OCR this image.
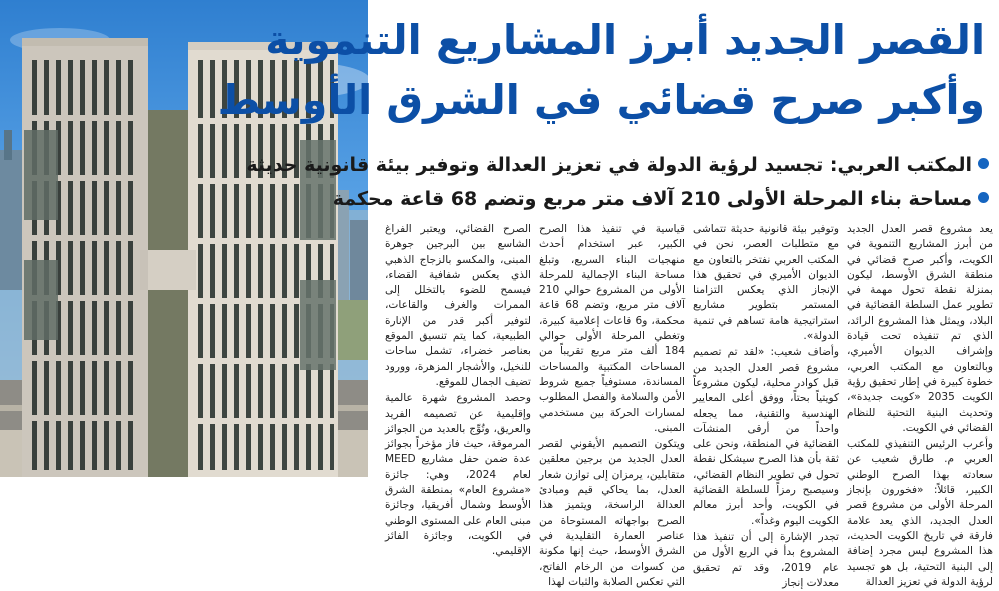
القصر الجديد أبرز المشاريع التنموية
وأكبر صرح قضائي في الشرق الأوسط
المكتب العربي: تجسيد لرؤية الدولة في تعزيز العدالة وتوفير بيئة قانونية حديثة
مساحة بناء المرحلة الأولى 210 آلاف متر مربع وتضم 68 قاعة محكمة

يعد مشروع قصر العدل الجديد من أبرز المشاريع التنموية في الكويت، وأكبر صرح قضائي في منطقة الشرق الأوسط، ليكون بمنزلة نقطة تحول مهمة في تطوير عمل السلطة القضائية في البلاد، ويمثل هذا المشروع الرائد، الذي تم تنفيذه تحت قيادة وإشراف الديوان الأميري، وبالتعاون مع المكتب العربي، خطوة كبيرة في إطار تحقيق رؤية الكويت 2035 «كويت جديدة»، وتحديث البنية التحتية للنظام القضائي في الكويت.

وأعرب الرئيس التنفيذي للمكتب العربي م. طارق شعيب عن سعادته بهذا الصرح الوطني الكبير، قائلاً: «فخورون بإنجاز المرحلة الأولى من مشروع قصر العدل الجديد، الذي يعد علامة فارقة في تاريخ الكويت الحديث، هذا المشروع ليس مجرد إضافة إلى البنية التحتية، بل هو تجسيد لرؤية الدولة في تعزيز العدالة

وتوفير بيئة قانونية حديثة تتماشى مع متطلبات العصر، نحن في المكتب العربي نفتخر بالتعاون مع الديوان الأميري في تحقيق هذا الإنجاز الذي يعكس التزامنا المستمر بتطوير مشاريع استراتيجية هامة تساهم في تنمية الدولة».

وأضاف شعيب: «لقد تم تصميم مشروع قصر العدل الجديد من قبل كوادر محلية، ليكون مشروعاً كويتياً بحتاً، ووفق أعلى المعايير الهندسية والتقنية، مما يجعله واحداً من أرقى المنشآت القضائية في المنطقة، ونحن على ثقة بأن هذا الصرح سيشكل نقطة تحول في تطوير النظام القضائي، وسيصبح رمزاً للسلطة القضائية في الكويت، وأحد أبرز معالم الكويت اليوم وغداً».

تجدر الإشارة إلى أن تنفيذ هذا المشروع بدأ في الربع الأول من عام 2019، وقد تم تحقيق معدلات إنجاز

قياسية في تنفيذ هذا الصرح الكبير، عبر استخدام أحدث منهجيات البناء السريع، وتبلغ مساحة البناء الإجمالية للمرحلة الأولى من المشروع حوالي 210 آلاف متر مربع، وتضم 68 قاعة محكمة، و6 قاعات إعلامية كبيرة، وتغطي المرحلة الأولى حوالي 184 ألف متر مربع تقريباً من المساحات المكتبية والمساحات المساندة، مستوفياً جميع شروط الأمن والسلامة والفصل المطلوب لمسارات الحركة بين مستخدمي المبنى.

ويتكون التصميم الأيقوني لقصر العدل الجديد من برجين معلقين متقابلين، يرمزان إلى توازن شعار العدل، بما يحاكي قيم ومبادئ العدالة الراسخة، ويتميز هذا الصرح بواجهاته المستوحاة من عناصر العمارة التقليدية في الشرق الأوسط، حيث إنها مكونة من كسوات من الرخام الفاتح، التي تعكس الصلابة والثبات لهذا

الصرح القضائي، ويعتبر الفراغ الشاسع بين البرجين جوهرة المبنى، والمكسو بالزجاج الذهبي الذي يعكس شفافية القضاء، فيسمح للضوء بالتخلل إلى الممرات والغرف والقاعات، لتوفير أكبر قدر من الإنارة الطبيعية، كما يتم تنسيق الموقع بعناصر خضراء، تشمل ساحات للنخيل، والأشجار المزهرة، وورود تضيف الجمال للموقع.

وحصد المشروع شهرة عالمية وإقليمية عن تصميمه الفريد والعريق، وتُوِّج بالعديد من الجوائز المرموقة، حيث فاز مؤخراً بجوائز عدة ضمن حفل مشاريع MEED لعام 2024، وهي: جائزة «مشروع العام» بمنطقة الشرق الأوسط وشمال أفريقيا، وجائزة مبنى العام على المستوى الوطني في الكويت، وجائزة الفائز الإقليمي.
